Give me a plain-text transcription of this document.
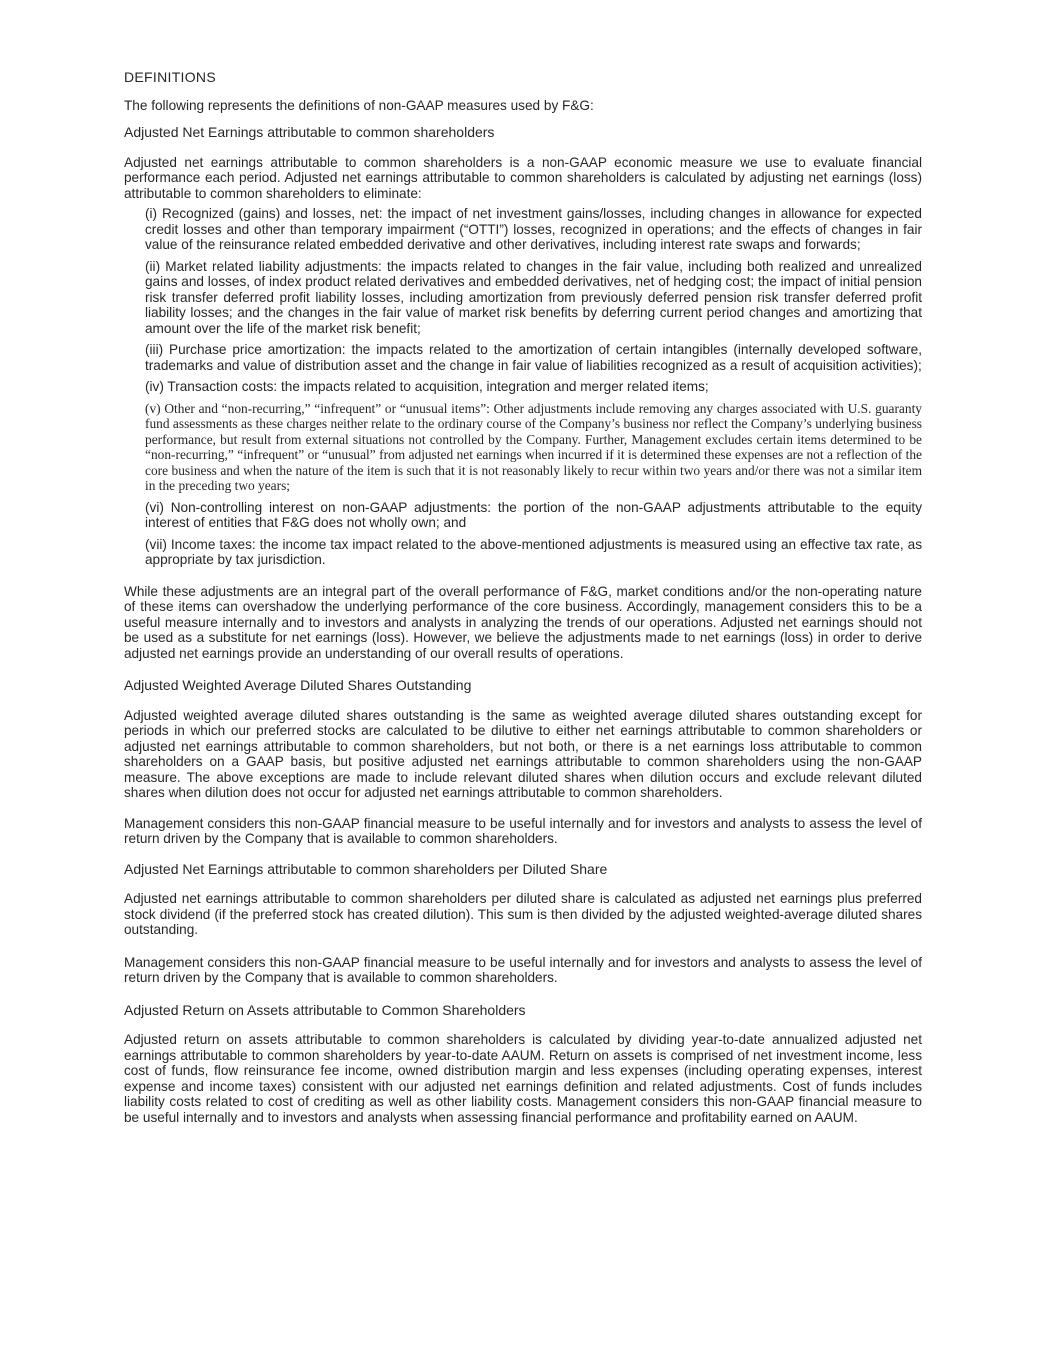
DEFINITIONS

The following represents the definitions of non-GAAP measures used by F&G:

Adjusted Net Earnings attributable to common shareholders

Adjusted net earnings attributable to common shareholders is a non-GAAP economic measure we use to evaluate financial performance each period. Adjusted net earnings attributable to common shareholders is calculated by adjusting net earnings (loss) attributable to common shareholders to eliminate:

(i) Recognized (gains) and losses, net: the impact of net investment gains/losses, including changes in allowance for expected credit losses and other than temporary impairment (“OTTI”) losses, recognized in operations; and the effects of changes in fair value of the reinsurance related embedded derivative and other derivatives, including interest rate swaps and forwards;
(ii) Market related liability adjustments: the impacts related to changes in the fair value, including both realized and unrealized gains and losses, of index product related derivatives and embedded derivatives, net of hedging cost; the impact of initial pension risk transfer deferred profit liability losses, including amortization from previously deferred pension risk transfer deferred profit liability losses; and the changes in the fair value of market risk benefits by deferring current period changes and amortizing that amount over the life of the market risk benefit;
(iii) Purchase price amortization: the impacts related to the amortization of certain intangibles (internally developed software, trademarks and value of distribution asset and the change in fair value of liabilities recognized as a result of acquisition activities);
(iv) Transaction costs: the impacts related to acquisition, integration and merger related items;
(v) Other and “non-recurring,” “infrequent” or “unusual items”: Other adjustments include removing any charges associated with U.S. guaranty fund assessments as these charges neither relate to the ordinary course of the Company’s business nor reflect the Company’s underlying business performance, but result from external situations not controlled by the Company. Further, Management excludes certain items determined to be “non-recurring,” “infrequent” or “unusual” from adjusted net earnings when incurred if it is determined these expenses are not a reflection of the core business and when the nature of the item is such that it is not reasonably likely to recur within two years and/or there was not a similar item in the preceding two years;
(vi) Non-controlling interest on non-GAAP adjustments: the portion of the non-GAAP adjustments attributable to the equity interest of entities that F&G does not wholly own; and
(vii) Income taxes: the income tax impact related to the above-mentioned adjustments is measured using an effective tax rate, as appropriate by tax jurisdiction.

While these adjustments are an integral part of the overall performance of F&G, market conditions and/or the non-operating nature of these items can overshadow the underlying performance of the core business. Accordingly, management considers this to be a useful measure internally and to investors and analysts in analyzing the trends of our operations. Adjusted net earnings should not be used as a substitute for net earnings (loss). However, we believe the adjustments made to net earnings (loss) in order to derive adjusted net earnings provide an understanding of our overall results of operations.

Adjusted Weighted Average Diluted Shares Outstanding

Adjusted weighted average diluted shares outstanding is the same as weighted average diluted shares outstanding except for periods in which our preferred stocks are calculated to be dilutive to either net earnings attributable to common shareholders or adjusted net earnings attributable to common shareholders, but not both, or there is a net earnings loss attributable to common shareholders on a GAAP basis, but positive adjusted net earnings attributable to common shareholders using the non-GAAP measure. The above exceptions are made to include relevant diluted shares when dilution occurs and exclude relevant diluted shares when dilution does not occur for adjusted net earnings attributable to common shareholders.

Management considers this non-GAAP financial measure to be useful internally and for investors and analysts to assess the level of return driven by the Company that is available to common shareholders.

Adjusted Net Earnings attributable to common shareholders per Diluted Share

Adjusted net earnings attributable to common shareholders per diluted share is calculated as adjusted net earnings plus preferred stock dividend (if the preferred stock has created dilution). This sum is then divided by the adjusted weighted-average diluted shares outstanding.

Management considers this non-GAAP financial measure to be useful internally and for investors and analysts to assess the level of return driven by the Company that is available to common shareholders.

Adjusted Return on Assets attributable to Common Shareholders

Adjusted return on assets attributable to common shareholders is calculated by dividing year-to-date annualized adjusted net earnings attributable to common shareholders by year-to-date AAUM. Return on assets is comprised of net investment income, less cost of funds, flow reinsurance fee income, owned distribution margin and less expenses (including operating expenses, interest expense and income taxes) consistent with our adjusted net earnings definition and related adjustments. Cost of funds includes liability costs related to cost of crediting as well as other liability costs. Management considers this non-GAAP financial measure to be useful internally and to investors and analysts when assessing financial performance and profitability earned on AAUM.
